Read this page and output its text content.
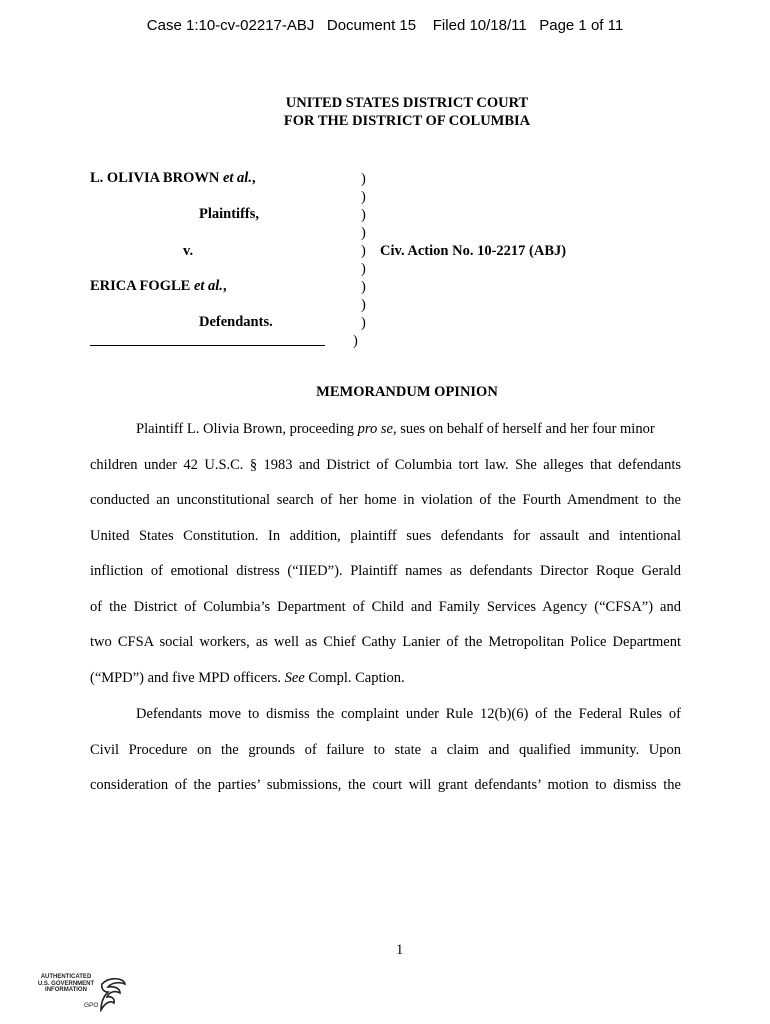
Case 1:10-cv-02217-ABJ   Document 15    Filed 10/18/11   Page 1 of 11
UNITED STATES DISTRICT COURT
FOR THE DISTRICT OF COLUMBIA
L. OLIVIA BROWN et al.,
Plaintiffs,
v.
ERICA FOGLE et al.,
Defendants.
)
)
)
)
)
)
)
)
)
)
Civ. Action No. 10-2217 (ABJ)
MEMORANDUM OPINION
Plaintiff L. Olivia Brown, proceeding pro se, sues on behalf of herself and her four minor
children under 42 U.S.C. § 1983 and District of Columbia tort law. She alleges that defendants
conducted an unconstitutional search of her home in violation of the Fourth Amendment to the
United States Constitution. In addition, plaintiff sues defendants for assault and intentional
infliction of emotional distress (“IIED”). Plaintiff names as defendants Director Roque Gerald
of the District of Columbia’s Department of Child and Family Services Agency (“CFSA”) and
two CFSA social workers, as well as Chief Cathy Lanier of the Metropolitan Police Department
(“MPD”) and five MPD officers. See Compl. Caption.
Defendants move to dismiss the complaint under Rule 12(b)(6) of the Federal Rules of
Civil Procedure on the grounds of failure to state a claim and qualified immunity. Upon
consideration of the parties’ submissions, the court will grant defendants’ motion to dismiss the
1
AUTHENTICATED
U.S. GOVERNMENT
INFORMATION
GPO
